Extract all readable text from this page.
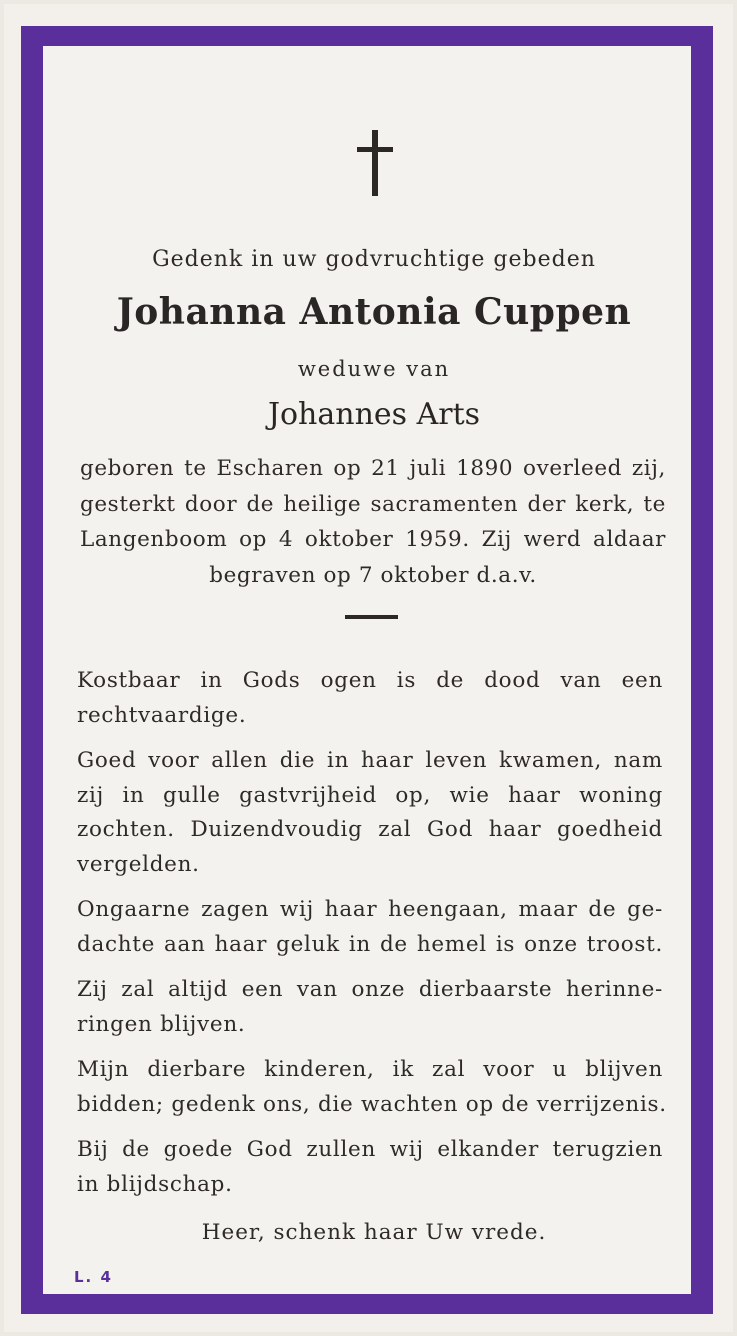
Gedenk in uw godvruchtige gebeden
Johanna Antonia Cuppen
weduwe van
Johannes Arts
geboren te Escharen op 21 juli 1890 overleed zij,
gesterkt door de heilige sacramenten der kerk, te
Langenboom op 4 oktober 1959. Zij werd aldaar
begraven op 7 oktober d.a.v.

Kostbaar in Gods ogen is de dood van een
rechtvaardige.

Goed voor allen die in haar leven kwamen, nam
zij in gulle gastvrijheid op, wie haar woning
zochten. Duizendvoudig zal God haar goedheid
vergelden.

Ongaarne zagen wij haar heengaan, maar de ge-
dachte aan haar geluk in de hemel is onze troost.

Zij zal altijd een van onze dierbaarste herinne-
ringen blijven.

Mijn dierbare kinderen, ik zal voor u blijven
bidden; gedenk ons, die wachten op de verrijzenis.

Bij de goede God zullen wij elkander terugzien
in blijdschap.

Heer, schenk haar Uw vrede.
L. 4
